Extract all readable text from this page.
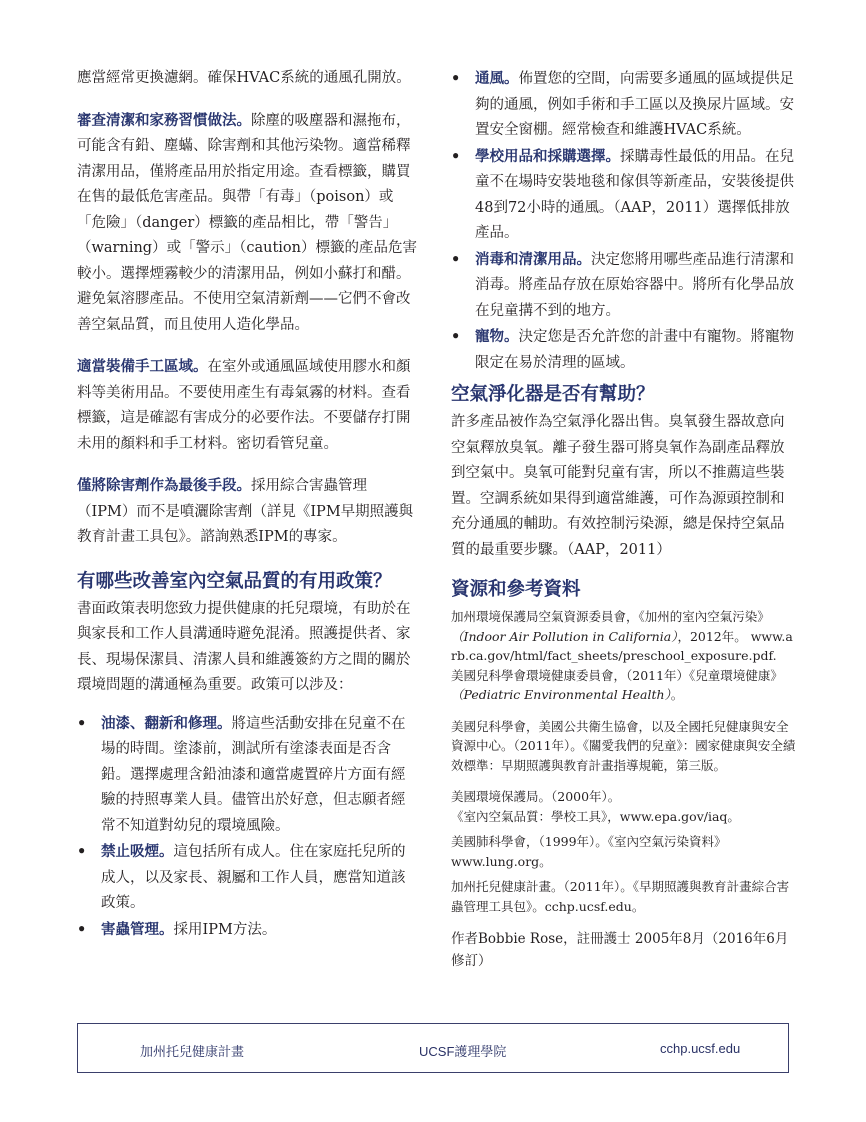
應當經常更換濾網。確保HVAC系統的通風孔開放。

審查清潔和家務習慣做法。除塵的吸塵器和濕拖布，可能含有鉛、塵蟎、除害劑和其他污染物。適當稀釋清潔用品，僅將產品用於指定用途。查看標籤，購買在售的最低危害產品。與帶「有毒」（poison）或「危險」（danger）標籤的產品相比，帶「警告」（warning）或「警示」（caution）標籤的產品危害較小。選擇煙霧較少的清潔用品，例如小蘇打和醋。避免氣溶膠產品。不使用空氣清新劑——它們不會改善空氣品質，而且使用人造化學品。

適當裝備手工區域。在室外或通風區域使用膠水和顏料等美術用品。不要使用產生有毒氣霧的材料。查看標籤，這是確認有害成分的必要作法。不要儲存打開未用的顏料和手工材料。密切看管兒童。

僅將除害劑作為最後手段。採用綜合害蟲管理（IPM）而不是噴灑除害劑（詳見《IPM早期照護與教育計畫工具包》。諮詢熟悉IPM的專家。

有哪些改善室內空氣品質的有用政策？

書面政策表明您致力提供健康的托兒環境，有助於在與家長和工作人員溝通時避免混淆。照護提供者、家長、現場保潔員、清潔人員和維護簽約方之間的關於環境問題的溝通極為重要。政策可以涉及：

• 油漆、翻新和修理。將這些活動安排在兒童不在場的時間。塗漆前，測試所有塗漆表面是否含鉛。選擇處理含鉛油漆和適當處置碎片方面有經驗的持照專業人員。儘管出於好意，但志願者經常不知道對幼兒的環境風險。
• 禁止吸煙。這包括所有成人。住在家庭托兒所的成人，以及家長、親屬和工作人員，應當知道該政策。
• 害蟲管理。採用IPM方法。
• 通風。佈置您的空間，向需要多通風的區域提供足夠的通風，例如手術和手工區以及換尿片區域。安置安全窗棚。經常檢查和維護HVAC系統。
• 學校用品和採購選擇。採購毒性最低的用品。在兒童不在場時安裝地毯和傢俱等新產品，安裝後提供48到72小時的通風。（AAP，2011）選擇低排放產品。
• 消毒和清潔用品。決定您將用哪些產品進行清潔和消毒。將產品存放在原始容器中。將所有化學品放在兒童搆不到的地方。
• 寵物。決定您是否允許您的計畫中有寵物。將寵物限定在易於清理的區域。
空氣淨化器是否有幫助？

許多產品被作為空氣淨化器出售。臭氧發生器故意向空氣釋放臭氧。離子發生器可將臭氧作為副產品釋放到空氣中。臭氧可能對兒童有害，所以不推薦這些裝置。空調系統如果得到適當維護，可作為源頭控制和充分通風的輔助。有效控制污染源，總是保持空氣品質的最重要步驟。（AAP，2011）

資源和參考資料

加州環境保護局空氣資源委員會，《加州的室內空氣污染》（Indoor Air Pollution in California），2012年。 www.arb.ca.gov/html/fact_sheets/preschool_exposure.pdf.

美國兒科學會環境健康委員會，（2011年）《兒童環境健康》（Pediatric Environmental Health）。

美國兒科學會，美國公共衛生協會，以及全國托兒健康與安全資源中心。（2011年）。《關愛我們的兒童》：國家健康與安全績效標準：早期照護與教育計畫指導規範，第三版。

美國環境保護局。（2000年）。
《室內空氣品質：學校工具》，www.epa.gov/iaq。

美國肺科學會，（1999年）。《室內空氣污染資料》
www.lung.org。

加州托兒健康計畫。（2011年）。《早期照護與教育計畫綜合害蟲管理工具包》。cchp.ucsf.edu。

作者Bobbie Rose，註冊護士 2005年8月（2016年6月修訂）

加州托兒健康計畫	UCSF護理學院	cchp.ucsf.edu
